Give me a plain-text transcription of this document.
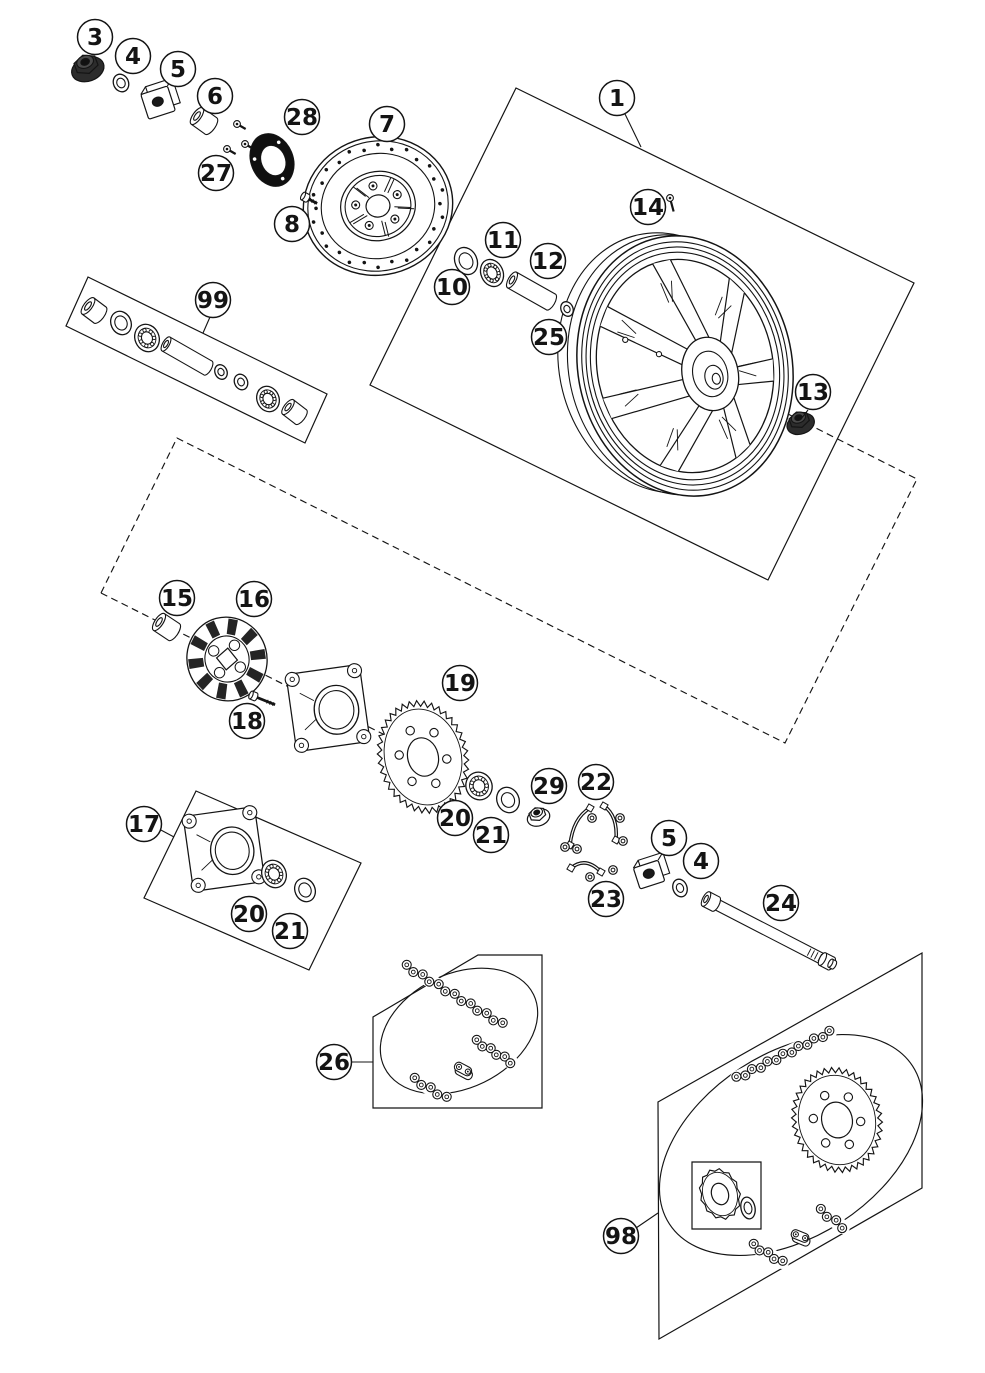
3
4 5
6
28
27
7
8
1
14
11
12
10
25
13
99
15 16
18
17
19
20
21
29 22
5
4
23	24
20
21
26
98
